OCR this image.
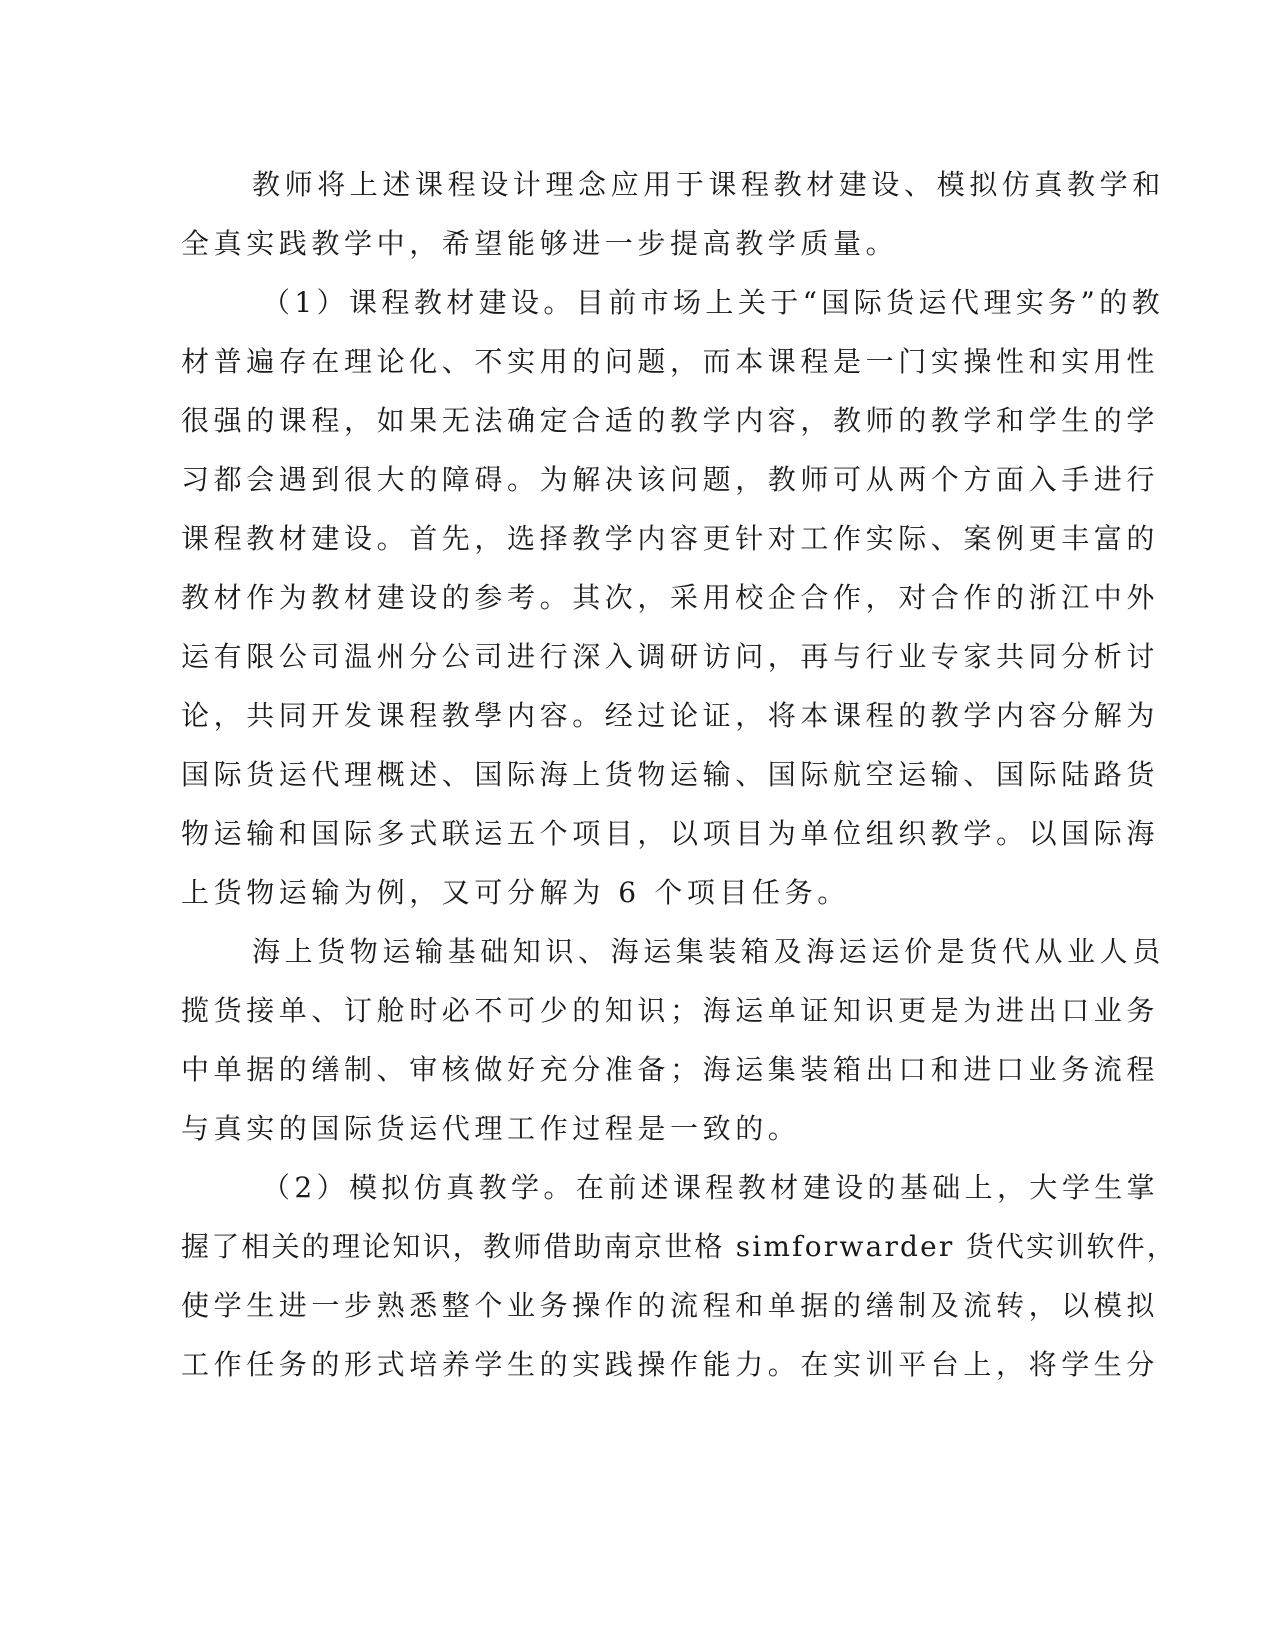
教师将上述课程设计理念应用于课程教材建设、模拟仿真教学和
全真实践教学中，希望能够进一步提高教学质量。
（1）课程教材建设。目前市场上关于“国际货运代理实务”的教
材普遍存在理论化、不实用的问题，而本课程是一门实操性和实用性
很强的课程，如果无法确定合适的教学内容，教师的教学和学生的学
习都会遇到很大的障碍。为解决该问题，教师可从两个方面入手进行
课程教材建设。首先，选择教学内容更针对工作实际、案例更丰富的
教材作为教材建设的参考。其次，采用校企合作，对合作的浙江中外
运有限公司温州分公司进行深入调研访问，再与行业专家共同分析讨
论，共同开发课程教學内容。经过论证，将本课程的教学内容分解为
国际货运代理概述、国际海上货物运输、国际航空运输、国际陆路货
物运输和国际多式联运五个项目，以项目为单位组织教学。以国际海
上货物运输为例，又可分解为 6 个项目任务。
海上货物运输基础知识、海运集装箱及海运运价是货代从业人员
揽货接单、订舱时必不可少的知识；海运单证知识更是为进出口业务
中单据的缮制、审核做好充分准备；海运集装箱出口和进口业务流程
与真实的国际货运代理工作过程是一致的。
（2）模拟仿真教学。在前述课程教材建设的基础上，大学生掌
握了相关的理论知识，教师借助南京世格 simforwarder 货代实训软件，
使学生进一步熟悉整个业务操作的流程和单据的缮制及流转，以模拟
工作任务的形式培养学生的实践操作能力。在实训平台上，将学生分
